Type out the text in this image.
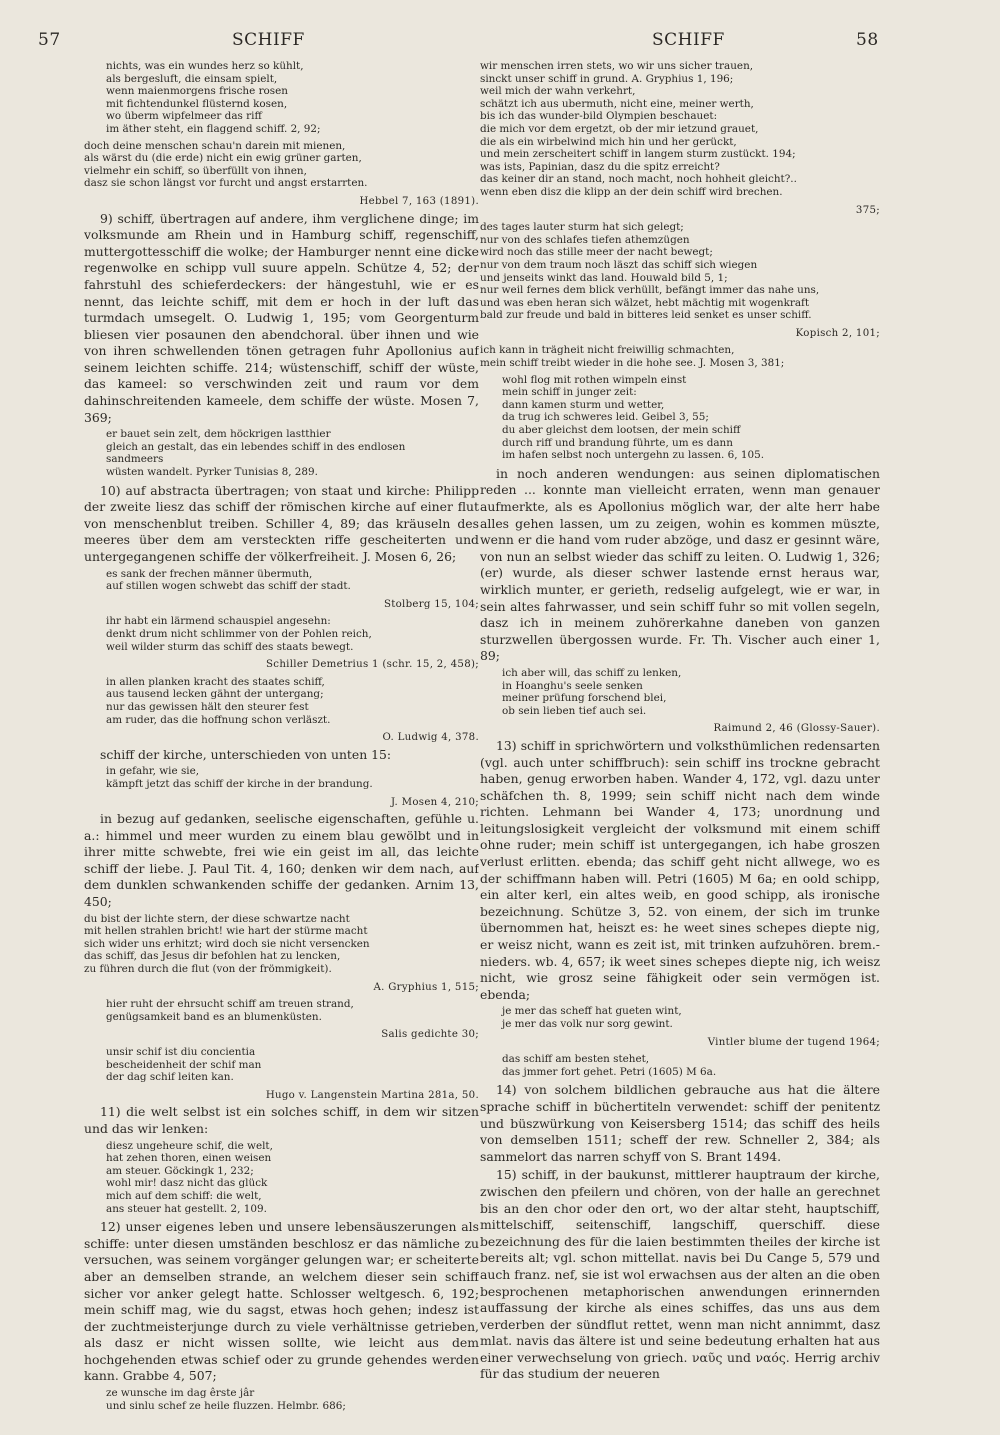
57	SCHIFF	SCHIFF	58
nichts, was ein wundes herz so kühlt,
als bergesluft, die einsam spielt,
wenn maienmorgens frische rosen
mit fichtendunkel flüsternd kosen,
wo überm wipfelmeer das riff
im äther steht, ein flaggend schiff. 2, 92;
doch deine menschen schau'n darein mit mienen,
als wärst du (die erde) nicht ein ewig grüner garten,
vielmehr ein schiff, so überfüllt von ihnen,
dasz sie schon längst vor furcht und angst erstarrten.
Hebbel 7, 163 (1891).
9) schiff, übertragen auf andere, ihm verglichene dinge; im volksmunde am Rhein und in Hamburg schiff, regenschiff, muttergottesschiff die wolke; der Hamburger nennt eine dicke regenwolke en schipp vull suure appeln. Schütze 4, 52; der fahrstuhl des schieferdeckers: der hängestuhl, wie er es nennt, das leichte schiff, mit dem er hoch in der luft das turmdach umsegelt. O. Ludwig 1, 195; vom Georgenturm bliesen vier posaunen den abendchoral. über ihnen und wie von ihren schwellenden tönen getragen fuhr Apollonius auf seinem leichten schiffe. 214; wüstenschiff, schiff der wüste, das kameel: so verschwinden zeit und raum vor dem dahinschreitenden kameele, dem schiffe der wüste. Mosen 7, 369;
er bauet sein zelt, dem höckrigen lastthier
gleich an gestalt, das ein lebendes schiff in des endlosen
sandmeers
wüsten wandelt. Pyrker Tunisias 8, 289.
10) auf abstracta übertragen; von staat und kirche: Philipp der zweite liesz das schiff der römischen kirche auf einer flut von menschenblut treiben. Schiller 4, 89; das kräuseln des meeres über dem am versteckten riffe gescheiterten und untergegangenen schiffe der völkerfreiheit. J. Mosen 6, 26;
es sank der frechen männer übermuth,
auf stillen wogen schwebt das schiff der stadt.
Stolberg 15, 104;
ihr habt ein lärmend schauspiel angesehn:
denkt drum nicht schlimmer von der Pohlen reich,
weil wilder sturm das schiff des staats bewegt.
Schiller Demetrius 1 (schr. 15, 2, 458);
in allen planken kracht des staates schiff,
aus tausend lecken gähnt der untergang;
nur das gewissen hält den steurer fest
am ruder, das die hoffnung schon verläszt.
O. Ludwig 4, 378.
schiff der kirche, unterschieden von unten 15:
in gefahr, wie sie,
kämpft jetzt das schiff der kirche in der brandung.
J. Mosen 4, 210;
in bezug auf gedanken, seelische eigenschaften, gefühle u. a.: himmel und meer wurden zu einem blau gewölbt und in ihrer mitte schwebte, frei wie ein geist im all, das leichte schiff der liebe. J. Paul Tit. 4, 160; denken wir dem nach, auf dem dunklen schwankenden schiffe der gedanken. Arnim 13, 450;
du bist der lichte stern, der diese schwartze nacht
mit hellen strahlen bricht! wie hart der stürme macht
sich wider uns erhitzt; wird doch sie nicht versencken
das schiff, das Jesus dir befohlen hat zu lencken,
zu führen durch die flut (von der frömmigkeit).
A. Gryphius 1, 515;
hier ruht der ehrsucht schiff am treuen strand,
genügsamkeit band es an blumenküsten.
Salis gedichte 30;
unsir schif ist diu concientia
bescheidenheit der schif man
der dag schif leiten kan.
Hugo v. Langenstein Martina 281a, 50.
11) die welt selbst ist ein solches schiff, in dem wir sitzen und das wir lenken:
diesz ungeheure schif, die welt,
hat zehen thoren, einen weisen
am steuer. Göckingk 1, 232;
wohl mir! dasz nicht das glück
mich auf dem schiff: die welt,
ans steuer hat gestellt. 2, 109.
12) unser eigenes leben und unsere lebensäuszerungen als schiffe: unter diesen umständen beschlosz er das nämliche zu versuchen, was seinem vorgänger gelungen war; er scheiterte aber an demselben strande, an welchem dieser sein schiff sicher vor anker gelegt hatte. Schlosser weltgesch. 6, 192; mein schiff mag, wie du sagst, etwas hoch gehen; indesz ist der zuchtmeisterjunge durch zu viele verhältnisse getrieben, als dasz er nicht wissen sollte, wie leicht aus dem hochgehenden etwas schief oder zu grunde gehendes werden kann. Grabbe 4, 507;
ze wunsche im dag êrste jâr
und sinlu schef ze heile fluzzen. Helmbr. 686;
wir menschen irren stets, wo wir uns sicher trauen,
sinckt unser schiff in grund. A. Gryphius 1, 196;
weil mich der wahn verkehrt,
schätzt ich aus ubermuth, nicht eine, meiner werth,
bis ich das wunder-bild Olympien beschauet:
die mich vor dem ergetzt, ob der mir ietzund grauet,
die als ein wirbelwind mich hin und her gerückt,
und mein zerscheitert schiff in langem sturm zustückt. 194;
was ists, Papinian, dasz du die spitz erreicht?
das keiner dir an stand, noch macht, noch hohheit gleicht?..
wenn eben disz die klipp an der dein schiff wird brechen.
375;
des tages lauter sturm hat sich gelegt;
nur von des schlafes tiefen athemzügen
wird noch das stille meer der nacht bewegt;
nur von dem traum noch läszt das schiff sich wiegen
und jenseits winkt das land. Houwald bild 5, 1;
nur weil fernes dem blick verhüllt, befängt immer das nahe uns,
und was eben heran sich wälzet, hebt mächtig mit wogenkraft
bald zur freude und bald in bitteres leid senket es unser schiff.
Kopisch 2, 101;
ich kann in trägheit nicht freiwillig schmachten,
mein schiff treibt wieder in die hohe see. J. Mosen 3, 381;
wohl flog mit rothen wimpeln einst
mein schiff in junger zeit:
dann kamen sturm und wetter,
da trug ich schweres leid. Geibel 3, 55;
du aber gleichst dem lootsen, der mein schiff
durch riff und brandung führte, um es dann
im hafen selbst noch untergehn zu lassen. 6, 105.
in noch anderen wendungen: aus seinen diplomatischen reden ... konnte man vielleicht erraten, wenn man genauer aufmerkte, als es Apollonius möglich war, der alte herr habe alles gehen lassen, um zu zeigen, wohin es kommen müszte, wenn er die hand vom ruder abzöge, und dasz er gesinnt wäre, von nun an selbst wieder das schiff zu leiten. O. Ludwig 1, 326; (er) wurde, als dieser schwer lastende ernst heraus war, wirklich munter, er gerieth, redselig aufgelegt, wie er war, in sein altes fahrwasser, und sein schiff fuhr so mit vollen segeln, dasz ich in meinem zuhörerkahne daneben von ganzen sturzwellen übergossen wurde. Fr. Th. Vischer auch einer 1, 89;
ich aber will, das schiff zu lenken,
in Hoanghu's seele senken
meiner prüfung forschend blei,
ob sein lieben tief auch sei.
Raimund 2, 46 (Glossy-Sauer).
13) schiff in sprichwörtern und volksthümlichen redensarten (vgl. auch unter schiffbruch): sein schiff ins trockne gebracht haben, genug erworben haben. Wander 4, 172, vgl. dazu unter schäfchen th. 8, 1999; sein schiff nicht nach dem winde richten. Lehmann bei Wander 4, 173; unordnung und leitungslosigkeit vergleicht der volksmund mit einem schiff ohne ruder; mein schiff ist untergegangen, ich habe groszen verlust erlitten. ebenda; das schiff geht nicht allwege, wo es der schiffmann haben will. Petri (1605) M 6a; en oold schipp, ein alter kerl, ein altes weib, en good schipp, als ironische bezeichnung. Schütze 3, 52. von einem, der sich im trunke übernommen hat, heiszt es: he weet sines schepes diepte nig, er weisz nicht, wann es zeit ist, mit trinken aufzuhören. brem.-nieders. wb. 4, 657; ik weet sines schepes diepte nig, ich weisz nicht, wie grosz seine fähigkeit oder sein vermögen ist. ebenda;
je mer das scheff hat gueten wint,
je mer das volk nur sorg gewint.
Vintler blume der tugend 1964;
das schiff am besten stehet,
das jmmer fort gehet. Petri (1605) M 6a.
14) von solchem bildlichen gebrauche aus hat die ältere sprache schiff in büchertiteln verwendet: schiff der penitentz und büszwürkung von Keisersberg 1514; das schiff des heils von demselben 1511; scheff der rew. Schneller 2, 384; als sammelort das narren schyff von S. Brant 1494.
15) schiff, in der baukunst, mittlerer hauptraum der kirche, zwischen den pfeilern und chören, von der halle an gerechnet bis an den chor oder den ort, wo der altar steht, hauptschiff, mittelschiff, seitenschiff, langschiff, querschiff. diese bezeichnung des für die laien bestimmten theiles der kirche ist bereits alt; vgl. schon mittellat. navis bei Du Cange 5, 579 und auch franz. nef, sie ist wol erwachsen aus der alten an die oben besprochenen metaphorischen anwendungen erinnernden auffassung der kirche als eines schiffes, das uns aus dem verderben der sündflut rettet, wenn man nicht annimmt, dasz mlat. navis das ältere ist und seine bedeutung erhalten hat aus einer verwechselung von griech. ναῦς und ναός. Herrig archiv für das studium der neueren
